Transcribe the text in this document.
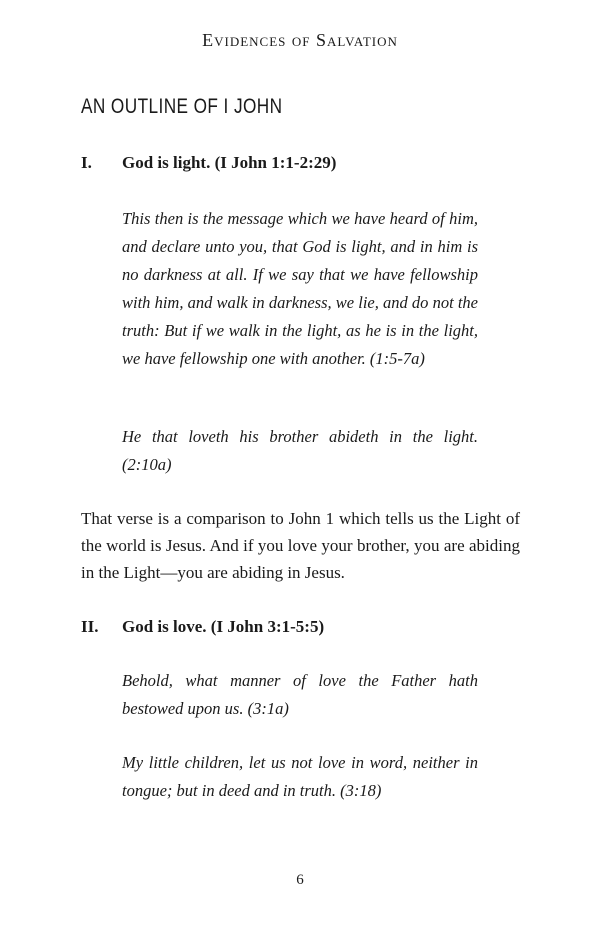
Evidences of Salvation
AN OUTLINE OF I JOHN
I.	God is light. (I John 1:1-2:29)
This then is the message which we have heard of him, and declare unto you, that God is light, and in him is no darkness at all. If we say that we have fellowship with him, and walk in darkness, we lie, and do not the truth: But if we walk in the light, as he is in the light, we have fellowship one with another. (1:5-7a)
He that loveth his brother abideth in the light. (2:10a)
That verse is a comparison to John 1 which tells us the Light of the world is Jesus. And if you love your brother, you are abiding in the Light—you are abiding in Jesus.
II.	God is love. (I John 3:1-5:5)
Behold, what manner of love the Father hath bestowed upon us. (3:1a)
My little children, let us not love in word, neither in tongue; but in deed and in truth. (3:18)
6
